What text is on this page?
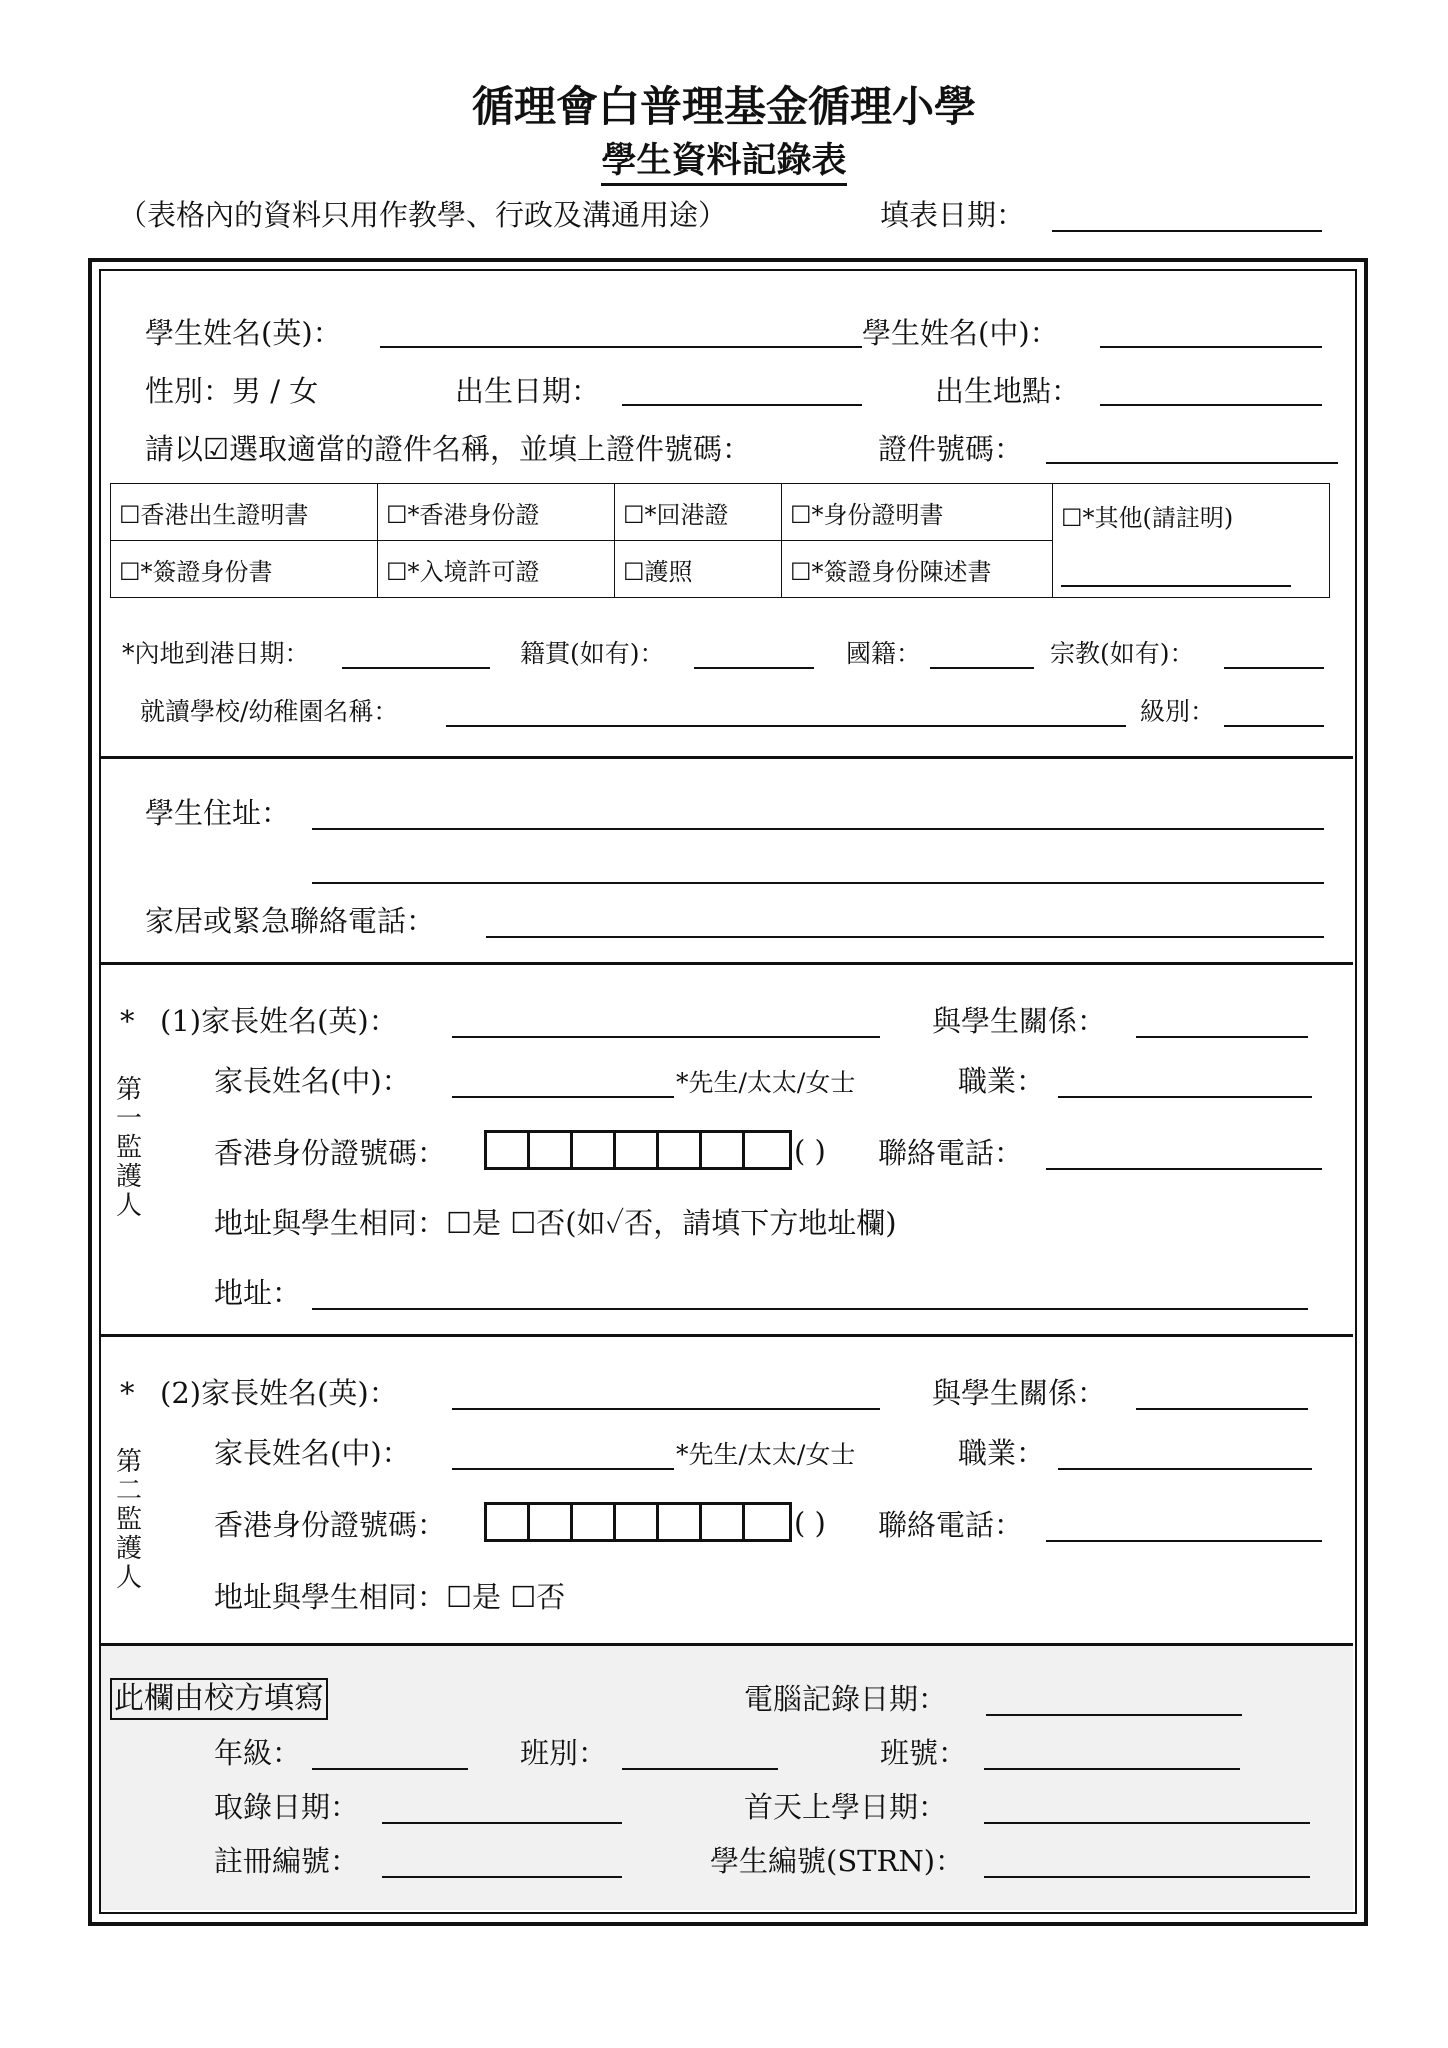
循理會白普理基金循理小學
學生資料記錄表
（表格內的資料只用作教學、行政及溝通用途）	填表日期：
學生姓名(英)：	學生姓名(中)：
性別：男 / 女	出生日期：	出生地點：
請以☑選取適當的證件名稱，並填上證件號碼：	證件號碼：
☐香港出生證明書	☐*香港身份證	☐*回港證	☐*身份證明書	☐*其他(請註明)

☐*簽證身份書	☐*入境許可證	☐護照	☐*簽證身份陳述書	
*內地到港日期：	籍貫(如有)：	國籍：	宗教(如有)：
就讀學校/幼稚園名稱：	級別：
學生住址：
家居或緊急聯絡電話：
*
第
一
監
護
人
(1)家長姓名(英)：	與學生關係：
家長姓名(中)：	*先生/太太/女士	職業：
香港身份證號碼：	( ) 聯絡電話：
地址與學生相同：☐是 ☐否(如✓否，請填下方地址欄)
地址：
*
第
二
監
護
人
(2)家長姓名(英)：	與學生關係：
家長姓名(中)：	*先生/太太/女士	職業：
香港身份證號碼：	( ) 聯絡電話：
地址與學生相同：☐是 ☐否
此欄由校方填寫	電腦記錄日期：
年級：	班別：	班號：
取錄日期：	首天上學日期：
註冊編號：	學生編號(STRN)：
